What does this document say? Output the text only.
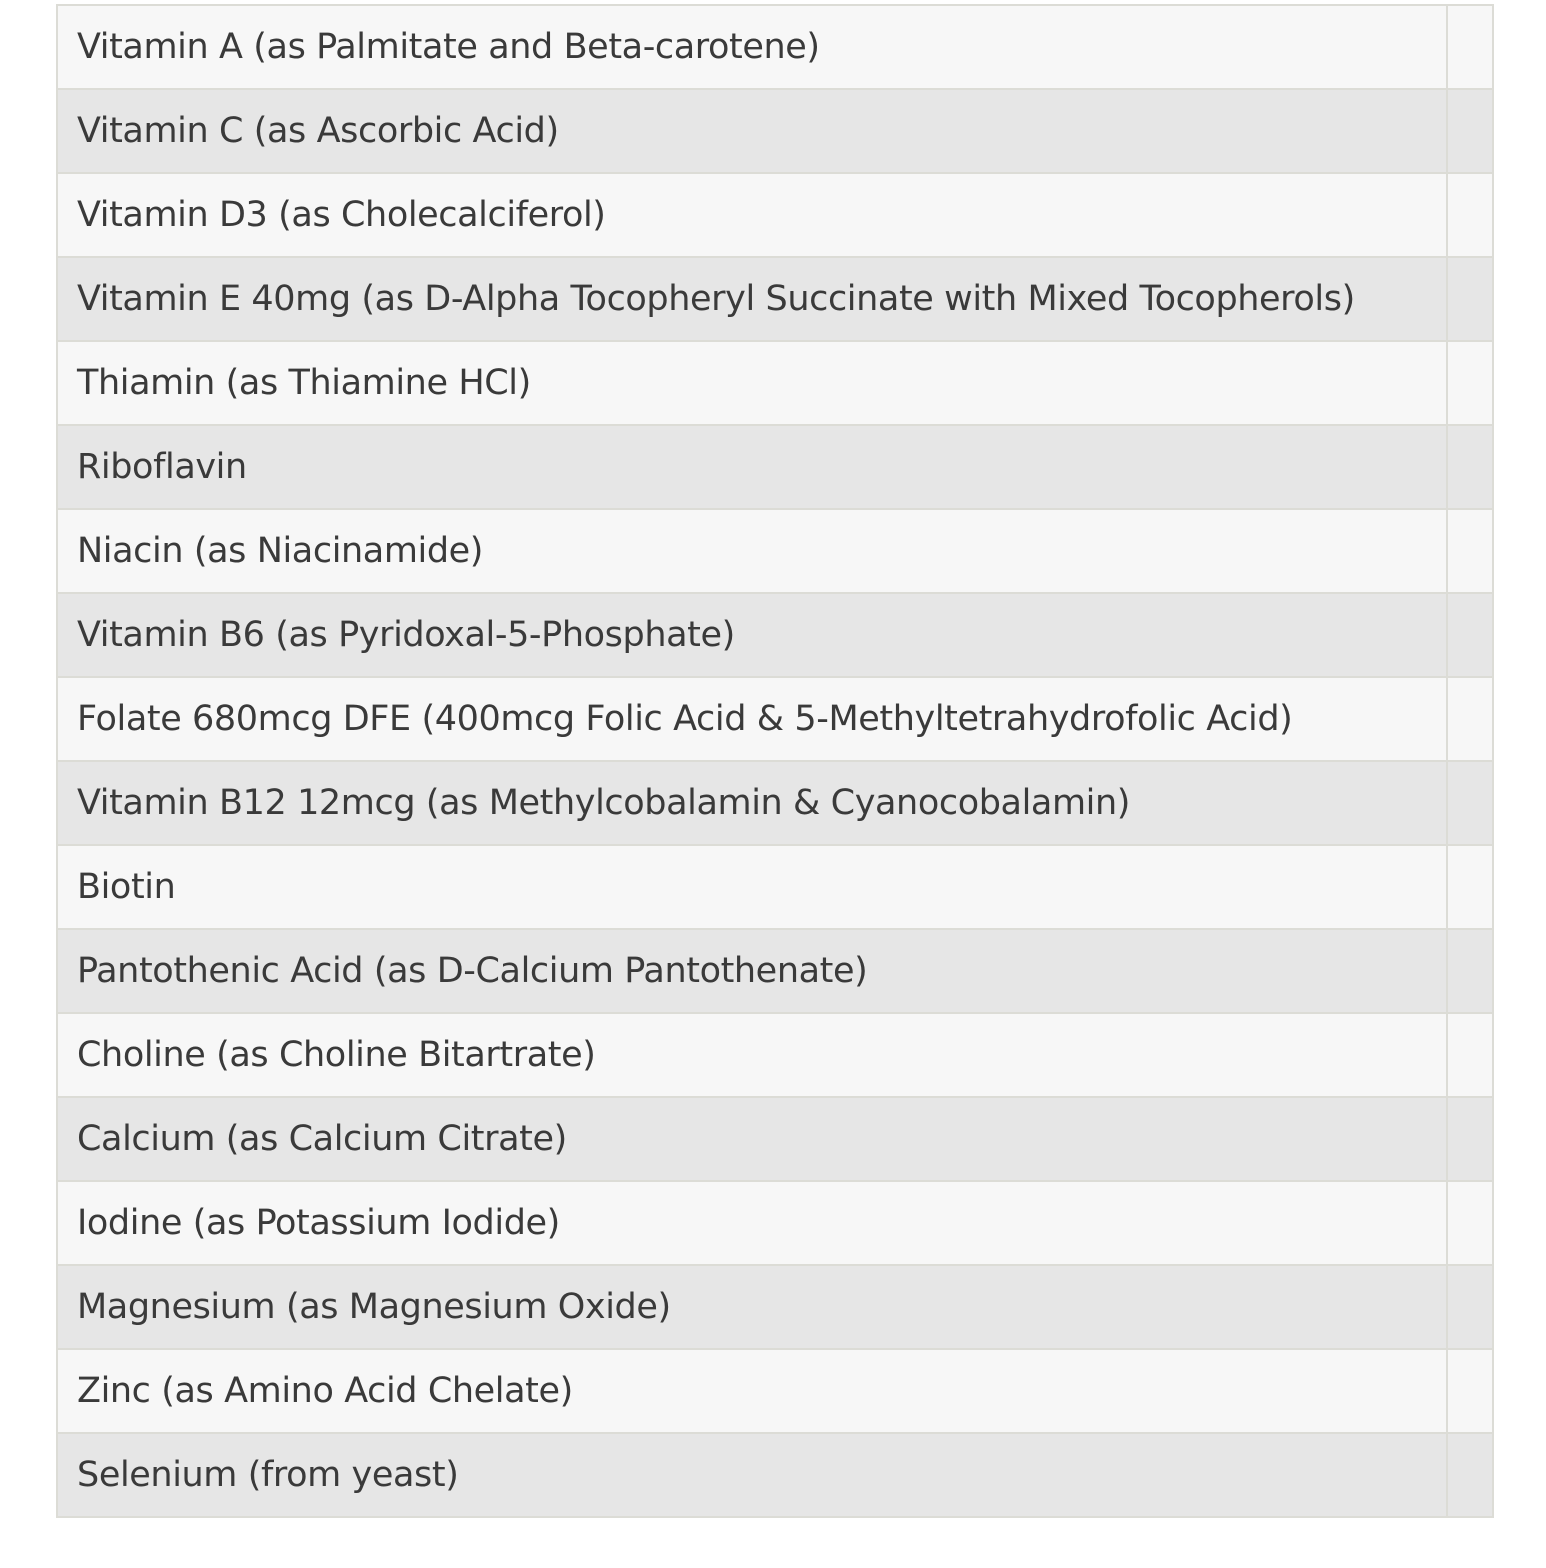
Vitamin A (as Palmitate and Beta-carotene)	
Vitamin C (as Ascorbic Acid)	
Vitamin D3 (as Cholecalciferol)	
Vitamin E 40mg (as D-Alpha Tocopheryl Succinate with Mixed Tocopherols)	
Thiamin (as Thiamine HCl)	
Riboflavin	
Niacin (as Niacinamide)	
Vitamin B6 (as Pyridoxal-5-Phosphate)	
Folate 680mcg DFE (400mcg Folic Acid & 5-Methyltetrahydrofolic Acid)	
Vitamin B12 12mcg (as Methylcobalamin & Cyanocobalamin)	
Biotin	
Pantothenic Acid (as D-Calcium Pantothenate)	
Choline (as Choline Bitartrate)	
Calcium (as Calcium Citrate)	
Iodine (as Potassium Iodide)	
Magnesium (as Magnesium Oxide)	
Zinc (as Amino Acid Chelate)	
Selenium (from yeast)	
